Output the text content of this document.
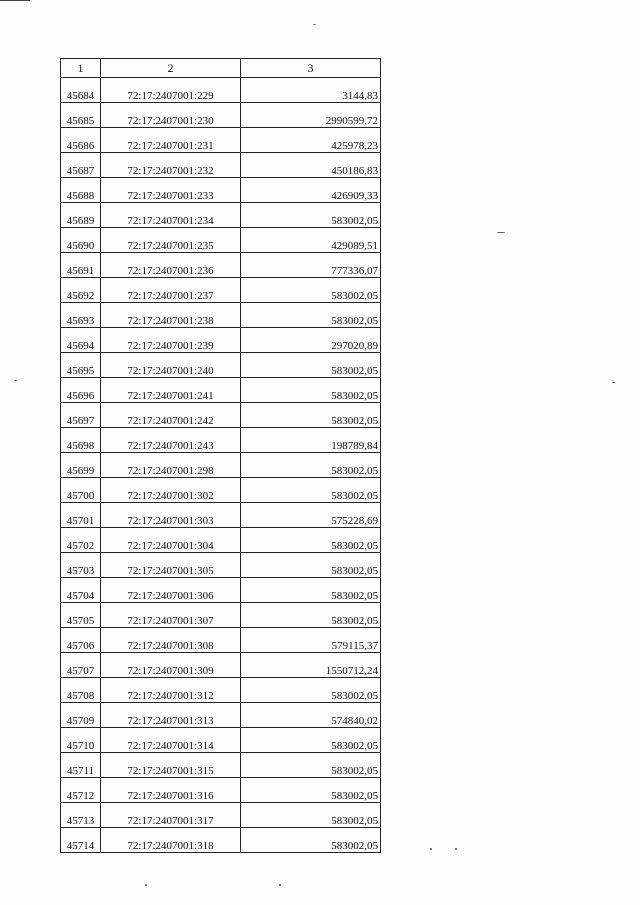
1	2	3
45684	72:17:2407001:229	3144,83
45685	72:17:2407001:230	2990599,72
45686	72:17:2407001:231	425978,23
45687	72:17:2407001:232	450186,83
45688	72:17:2407001:233	426909,33
45689	72:17:2407001:234	583002,05
45690	72:17:2407001:235	429089,51
45691	72:17:2407001:236	777336,07
45692	72:17:2407001:237	583002,05
45693	72:17:2407001:238	583002,05
45694	72:17:2407001:239	297020,89
45695	72:17:2407001:240	583002,05
45696	72:17:2407001:241	583002,05
45697	72:17:2407001:242	583002,05
45698	72:17:2407001:243	198789,84
45699	72:17:2407001:298	583002,05
45700	72:17:2407001:302	583002,05
45701	72:17:2407001:303	575228,69
45702	72:17:2407001:304	583002,05
45703	72:17:2407001:305	583002,05
45704	72:17:2407001:306	583002,05
45705	72:17:2407001:307	583002,05
45706	72:17:2407001:308	579115,37
45707	72:17:2407001:309	1550712,24
45708	72:17:2407001:312	583002,05
45709	72:17:2407001:313	574840,02
45710	72:17:2407001:314	583002,05
45711	72:17:2407001:315	583002,05
45712	72:17:2407001:316	583002,05
45713	72:17:2407001:317	583002,05
45714	72:17:2407001:318	583002,05
